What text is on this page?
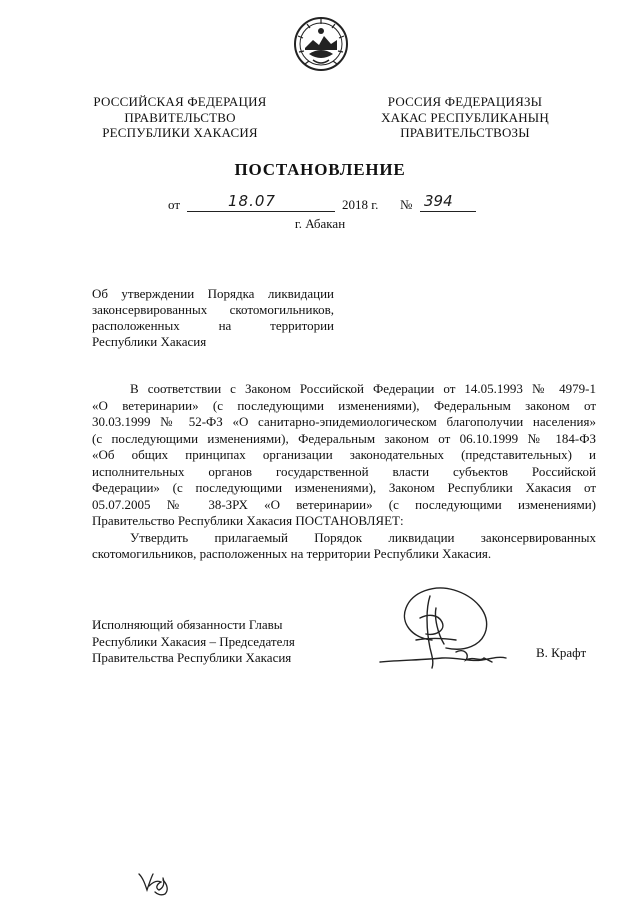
РОССИЙСКАЯ ФЕДЕРАЦИЯ
ПРАВИТЕЛЬСТВО
РЕСПУБЛИКИ ХАКАСИЯ
РОССИЯ ФЕДЕРАЦИЯЗЫ
ХАКАС РЕСПУБЛИКАНЫҢ
ПРАВИТЕЛЬСТВОЗЫ
ПОСТАНОВЛЕНИЕ
от	18.07	2018 г. № 394
г. Абакан
Об утверждении Порядка ликвидации
законсервированных скотомогильников,
расположенных на территории
Республики Хакасия
В соответствии с Законом Российской Федерации от 14.05.1993 № 4979-1
«О ветеринарии» (с последующими изменениями), Федеральным законом от
30.03.1999 № 52-ФЗ «О санитарно-эпидемиологическом благополучии населения»
(с последующими изменениями), Федеральным законом от 06.10.1999 № 184-ФЗ
«Об общих принципах организации законодательных (представительных) и
исполнительных органов государственной власти субъектов Российской
Федерации» (с последующими изменениями), Законом Республики Хакасия от
05.07.2005 № 38-ЗРХ «О ветеринарии» (с последующими изменениями)
Правительство Республики Хакасия ПОСТАНОВЛЯЕТ:
Утвердить прилагаемый Порядок ликвидации законсервированных
скотомогильников, расположенных на территории Республики Хакасия.
Исполняющий обязанности Главы
Республики Хакасия – Председателя
Правительства Республики Хакасия	В. Крафт
